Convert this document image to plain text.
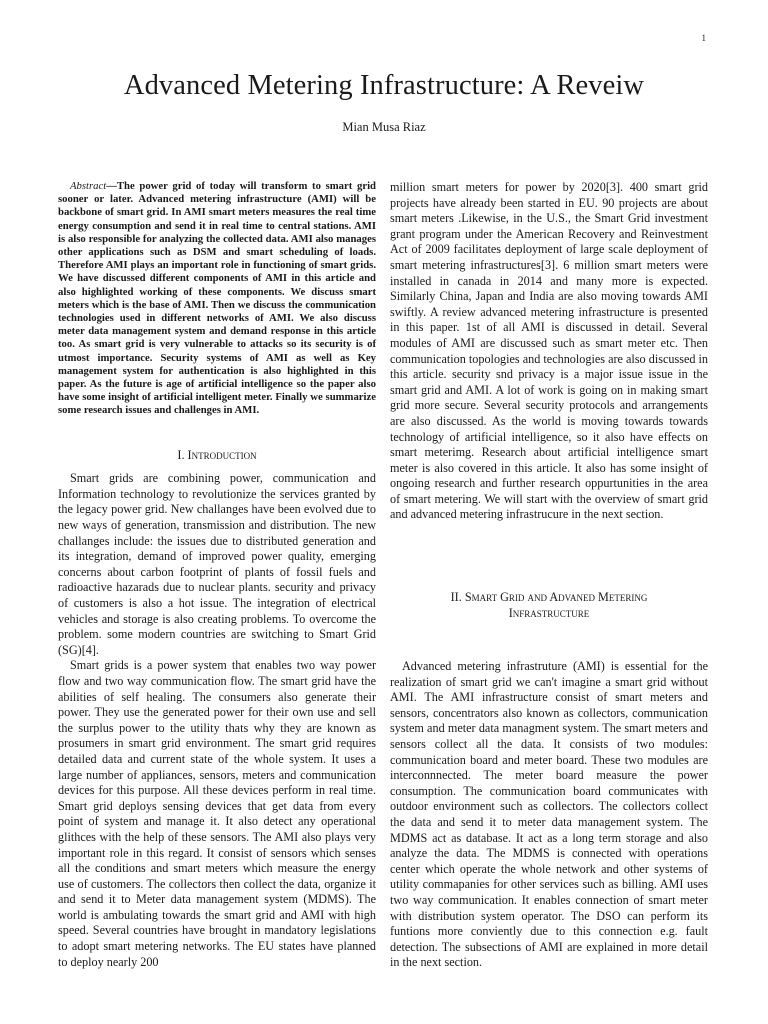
1
Advanced Metering Infrastructure: A Reveiw
Mian Musa Riaz

Abstract—The power grid of today will transform to smart grid sooner or later. Advanced metering infrastructure (AMI) will be backbone of smart grid. In AMI smart meters measures the real time energy consumption and send it in real time to central stations. AMI is also responsible for analyzing the collected data. AMI also manages other applications such as DSM and smart scheduling of loads. Therefore AMI plays an important role in functioning of smart grids. We have discussed different components of AMI in this article and also highlighted working of these components. We discuss smart meters which is the base of AMI. Then we discuss the communication technologies used in different networks of AMI. We also discuss meter data management system and demand response in this article too. As smart grid is very vulnerable to attacks so its security is of utmost importance. Security systems of AMI as well as Key management system for authentication is also highlighted in this paper. As the future is age of artificial intelligence so the paper also have some insight of artificial intelligent meter. Finally we summarize some research issues and challenges in AMI.

I. Introduction

Smart grids are combining power, communication and Information technology to revolutionize the services granted by the legacy power grid. New challanges have been evolved due to new ways of generation, transmission and distribution. The new challanges include: the issues due to distributed generation and its integration, demand of improved power quality, emerging concerns about carbon footprint of plants of fossil fuels and radioactive hazarads due to nuclear plants. security and privacy of customers is also a hot issue. The integration of electrical vehicles and storage is also creating problems. To overcome the problem. some modern countries are switching to Smart Grid (SG)[4].

Smart grids is a power system that enables two way power flow and two way communication flow. The smart grid have the abilities of self healing. The consumers also generate their power. They use the generated power for their own use and sell the surplus power to the utility thats why they are known as prosumers in smart grid environment. The smart grid requires detailed data and current state of the whole system. It uses a large number of appliances, sensors, meters and communication devices for this purpose. All these devices perform in real time. Smart grid deploys sensing devices that get data from every point of system and manage it. It also detect any operational glithces with the help of these sensors. The AMI also plays very important role in this regard. It consist of sensors which senses all the conditions and smart meters which measure the energy use of customers. The collectors then collect the data, organize it and send it to Meter data management system (MDMS). The world is ambulating towards the smart grid and AMI with high speed. Several countries have brought in mandatory legislations to adopt smart metering networks. The EU states have planned to deploy nearly 200

million smart meters for power by 2020[3]. 400 smart grid projects have already been started in EU. 90 projects are about smart meters .Likewise, in the U.S., the Smart Grid investment grant program under the American Recovery and Reinvestment Act of 2009 facilitates deployment of large scale deployment of smart metering infrastructures[3]. 6 million smart meters were installed in canada in 2014 and many more is expected. Similarly China, Japan and India are also moving towards AMI swiftly. A review advanced metering infrastructure is presented in this paper. 1st of all AMI is discussed in detail. Several modules of AMI are discussed such as smart meter etc. Then communication topologies and technologies are also discussed in this article. security snd privacy is a major issue issue in the smart grid and AMI. A lot of work is going on in making smart grid more secure. Several security protocols and arrangements are also discussed. As the world is moving towards towards technology of artificial intelligence, so it also have effects on smart meterimg. Research about artificial intelligence smart meter is also covered in this article. It also has some insight of ongoing research and further research oppurtunities in the area of smart metering. We will start with the overview of smart grid and advanced metering infrastrucure in the next section.

II. Smart Grid and Advaned Metering
Infrastructure

Advanced metering infrastruture (AMI) is essential for the realization of smart grid we can't imagine a smart grid without AMI. The AMI infrastructure consist of smart meters and sensors, concentrators also known as collectors, communication system and meter data managment system. The smart meters and sensors collect all the data. It consists of two modules: communication board and meter board. These two modules are interconnnected. The meter board measure the power consumption. The communication board communicates with outdoor environment such as collectors. The collectors collect the data and send it to meter data management system. The MDMS act as database. It act as a long term storage and also analyze the data. The MDMS is connected with operations center which operate the whole network and other systems of utility commapanies for other services such as billing. AMI uses two way communication. It enables connection of smart meter with distribution system operator. The DSO can perform its funtions more conviently due to this connection e.g. fault detection. The subsections of AMI are explained in more detail in the next section.
